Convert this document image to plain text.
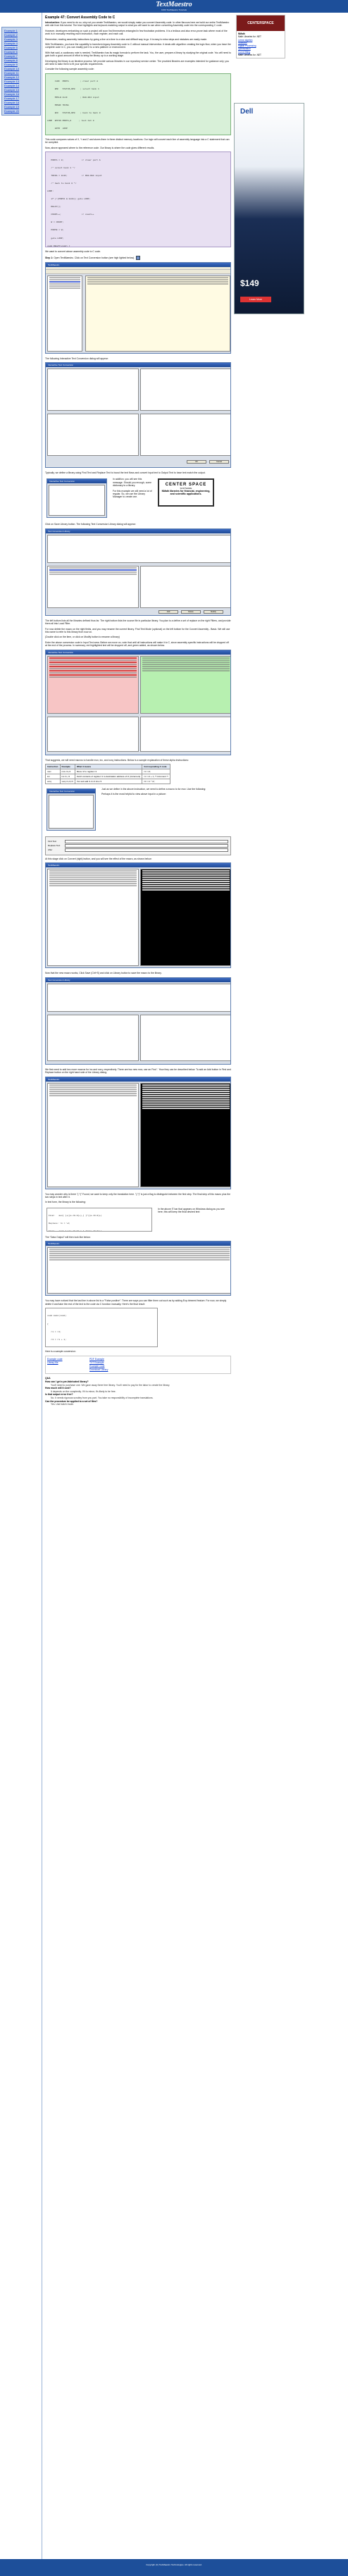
TextMaestro
1000 TextMaestro Tutorials
Example 1
Example 2
Example 3
Example 4
Example 5
Example 6
Example 7
Example 8
Example 9
Example 10
Example 11
Example 12
Example 13
Example 14
Example 15
Example 16
Example 17
Example 18
Example 19
Example 20
Example 47: Convert Assembly Code to C

Introduction: If you need to do so, why not you create TextMaestro, we would simply make you convert Assembly code. In other flavours here we build our entire TextMaestro web site from this tutorial. The blue highlights and keyword-matching output is what you will want to use when converting Assembly code into the corresponding C code.

However, developers embarking on such a project will soon find themselves entangled in few frustration problems. It is a tedious and also error-prone task where most of the work is in manually rewriting each instruction, each register, and each call.

Remember, reading assembly instructions by going a line at a time is a slow and difficult way to go. It is easy to miss steps and mistakes are easily made.

With TextMaestro, you have the capability to transform legacy Assembly code to C without manual intervention. It deals with algorithm creating the logic flow, when you have the complete code in C, you can readily port it to a new platform or environment.

With that said, a cautionary note is needed. TextMaestro has its magic formula to perform the task. You, the user, prepare a library by studying the original code. You will need to gain both a good amount of effort to bring the library up to a working stage.

Developing the library is an iterative process. We provide various libraries in our repository service center. The provided libraries are examples intended for guidance only; you will need to tailor them to fit your specific requirements.

Consider the following sample assembly code:

CLRF  PORTA         ; clear port A

BSF   STATUS,RP0    ; select bank 1

MOVLW 0x1F          ; RA0-RA4 input

MOVWF TRISA

BCF   STATUS,RP0    ; back to bank 0

LOOP  BTFSS PORTA,0      ; test bit 0

GOTO  LOOP

This code compares values of X, Y and Z and stores them in three distinct memory locations. Our logic will convert each line of assembly language into a C statement that can be compiled.

Now, above appeared where to the reference code. Our library is where the code gives different results.

PORTA = 0;              // clear port A

/* select bank 1 */

TRISA = 0x1F;           // RA0-RA4 input

/* back to bank 0 */

LOOP:

if (!(PORTA & 0x01)) goto LOOP;

DELAY();

COUNT++;                // count++

W = COUNT;

PORTB = W;

goto LOOP;

void DELAY(void) {

We want to convert above assembly code to C code.

Step 1: Open TextMaestro. Click on Text Conversion button (see high lighted below).

TextMaestro

The following Interactive Text Conversion dialog will appear:

Interactive Text Conversion
OK	Cancel

Typically, we define a library using Find Text and Replace Text to boost the text flows and convert input text to Output Text to have text match the output.

Interactive Text Conversion

In addition, you will see this message. Should you enough, some dictionary to a library.

For this example we will need a lot of regular. So, we use the Library Manager to create one.

CENTER SPACE
SOFTWARE
NMath libraries for financial, engineering, and scientific applications.

Click on Save Library button. The following Text Conversion Library dialog will appear:

Text Conversion Library
Add	Delete	Modify

The left bottom lists all the libraries defined thus far. The right bottom lists the source file in particular library. You plan to a define a set of replace on the right Filters, and provide them all into Load Filter.

For now delete the macro on the right fields, and you may rename the current library. Find Text Mode (optional) on the left bottom for the Convert Assembly - Basic. We will use this name to refer to this library from now on.

(Double click on the item, or click on Modify button to rename a library)

Enter the above conversion code in Input Text area. Before we move on, note that until all instructions will make it to C, since assembly specific instructions will be dropped off at the end of the process. In summary, red highlighted text will be dropped off, and green added, as shown below.

Interactive Text Conversion

That suggests, we will need macros to handle mov, inc, and xorq instructions. Below is a sample explanation of these alpha instructions:

Instruction	Example	What it means	Corresponding C code
mov	mov r1,r2	Move r2 to register r1	r1 = r2;
inc	inc r1, r2	Fetch contents of register r1 to destination address of r2 (increment)	r1 = r2 + 1; /* increment */
xorq	xorq r1,r2,r3	Xor and add r1 & r2 into r3	r3 = r1 ^ r2;
Interactive Text Conversion

Just as we define in the above instruction, we need to define a macro to for mov. Use the following:

Perhaps it is the most helpful to view above input in a picture:

Find Text
Replace Text
After

At this stage click on Convert (right) button, and you will see the effect of the macro, as shown below:

TextMaestro

Now that the new macro works, Click Save (Ctrl+S) and click on Library button to save the macro to the library.

Text Conversion Library

We first need to add two more macros for inc and xorq, respectively. There are two new mov, use an Find '.' How they can be described below. To add an Add button in Find and Replace button on the right hand side of the Library dialog.

TextMaestro

You may wonder why is there "(.*)" Found, we want to keep only the translation here. "(.*)" is just a flag to distinguish between the first step. The final step of this macro plus the two steps in text after it.

In text form, the library is the following:

Find:   mov[ ]+([a-z0-9]+),[ ]*([a-z0-9]+)

Replace: \1 = \2;

In the above IT bar that appears on Windows dialog as you see here, this will keep the final desired text:

The "Data Output" will then look like below:

TextMaestro

You may have noticed that the last line in above list is a "False positive". There are ways you can filter them out such as by adding Exp-trimmed feature. For now, we simply delete it and take the rest of the text to the code via C function manually. Here's the final result:

void main(void)

{

r1 = r2;

r3 = r1 + 1;

Here is a sample conversion:

Example code
Library file
PDF Example
TXT Example
Example code
Download Library
Q&A
How can I get a pre-fabricated library?
You'll need to purchase one. We gave away three free library. You'll need to pay for the labor to create the library.
How much will it cost?
It depends on the complexity. If it is minor, it's likely to be free.
Is that output error free?
No. It needs rigorous scrutiny from you part. You take no responsibility of incomplete translations.
Can the procedure be applied to a set of files?
Yes. Use batch mode.
CENTERSPACE
NMath
Math Libraries for .NET
Linear algebra
Statistics
Signal Processing
Optimization
Curve fitting
Math Libraries for .NET
Dell
$149
Learn More
Copyright (C) TextMaestro Technologies. All rights reserved.
